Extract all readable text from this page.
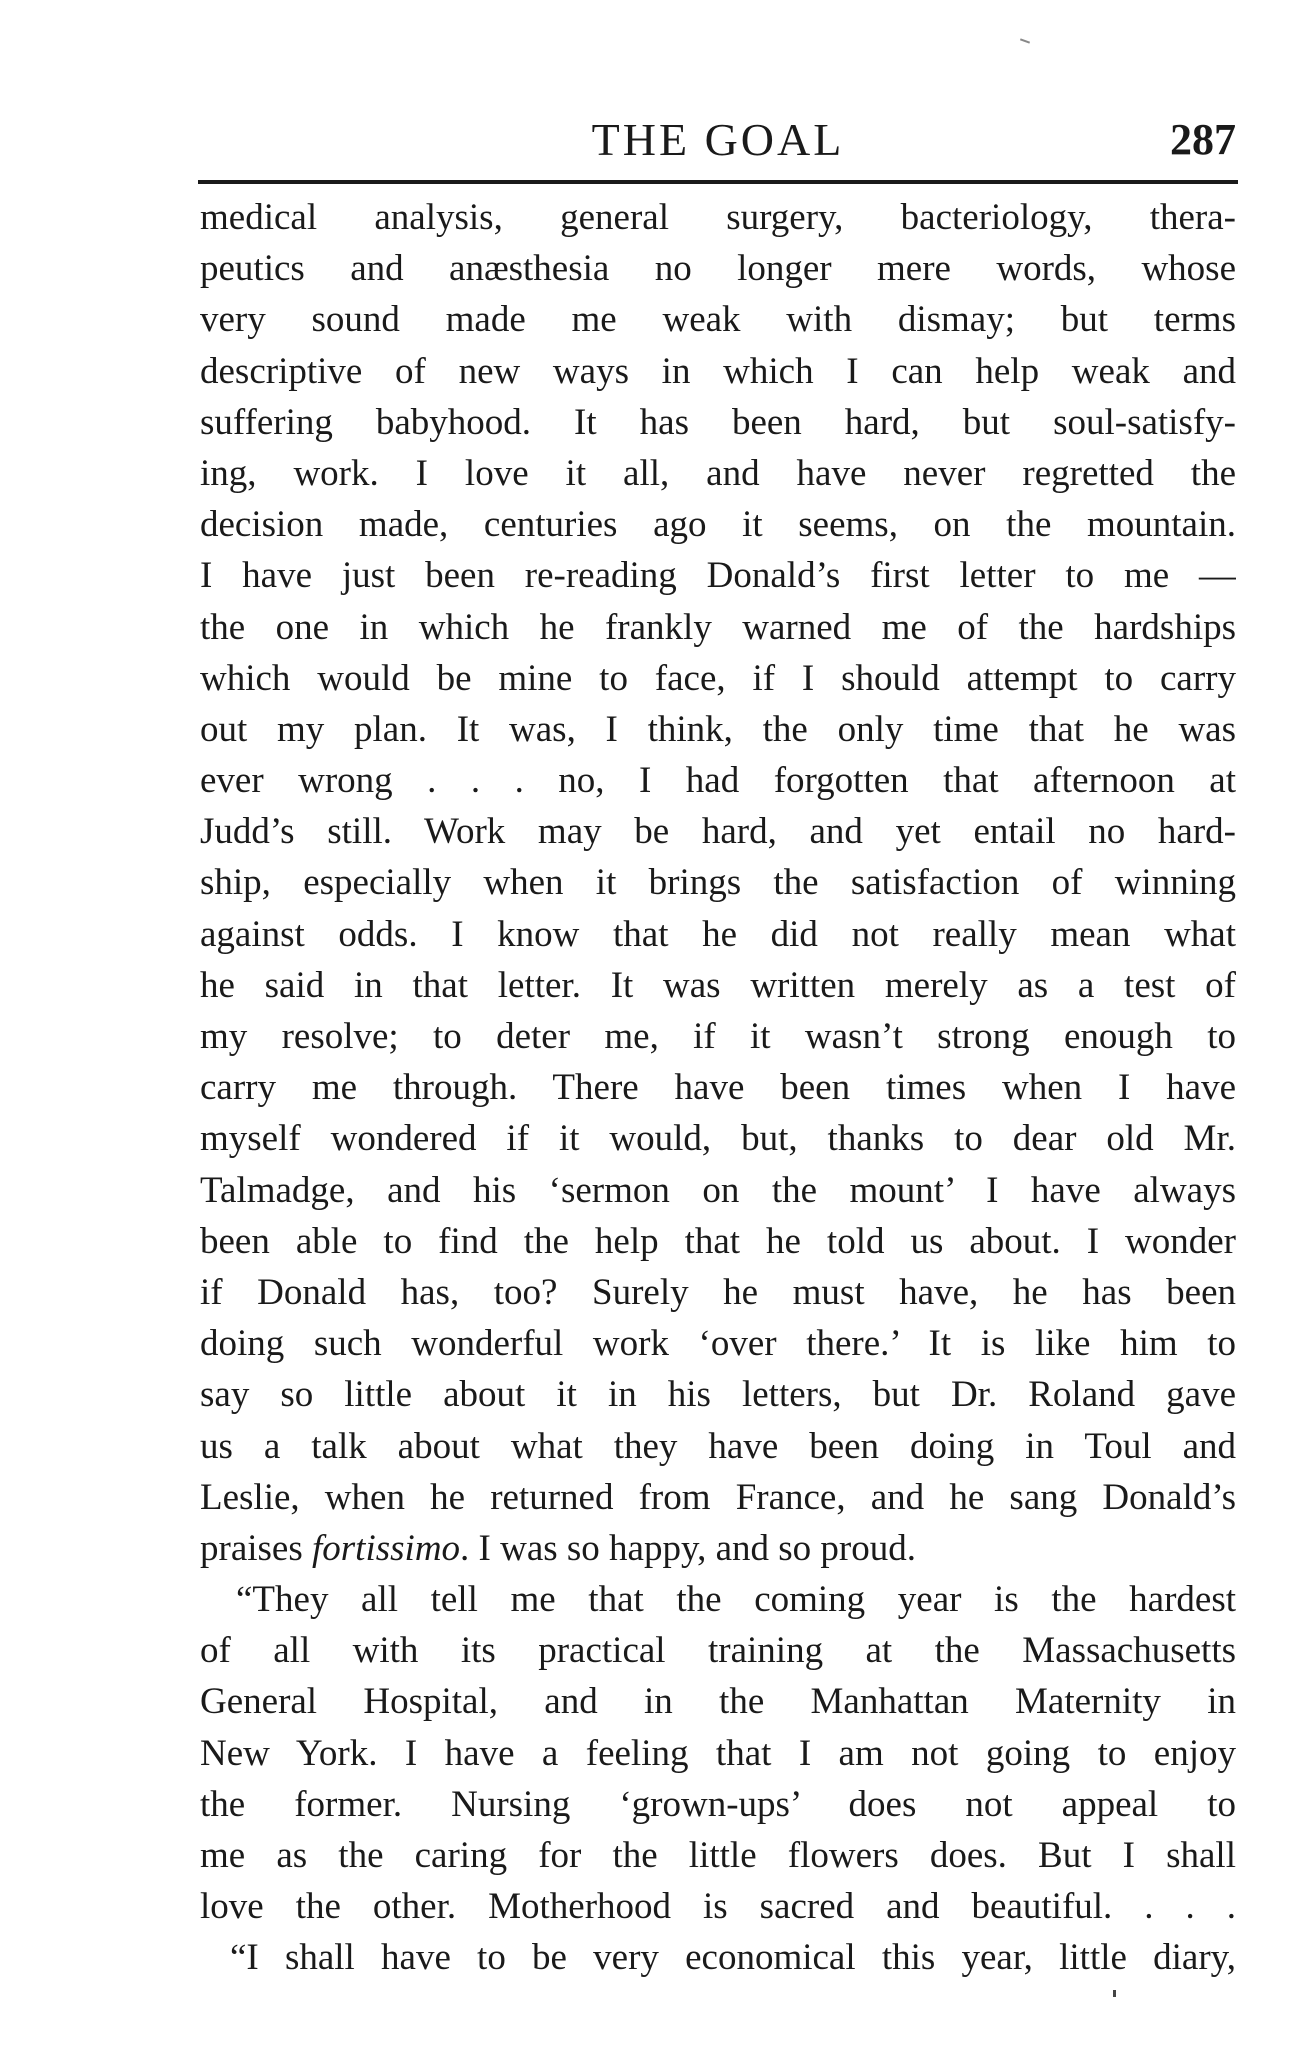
THE GOAL	287
medical analysis, general surgery, bacteriology, thera-
peutics and anæsthesia no longer mere words, whose
very sound made me weak with dismay; but terms
descriptive of new ways in which I can help weak and
suffering babyhood. It has been hard, but soul-satisfy-
ing, work. I love it all, and have never regretted the
decision made, centuries ago it seems, on the mountain.
I have just been re-reading Donald’s first letter to me —
the one in which he frankly warned me of the hardships
which would be mine to face, if I should attempt to carry
out my plan. It was, I think, the only time that he was
ever wrong . . . no, I had forgotten that afternoon at
Judd’s still. Work may be hard, and yet entail no hard-
ship, especially when it brings the satisfaction of winning
against odds. I know that he did not really mean what
he said in that letter. It was written merely as a test of
my resolve; to deter me, if it wasn’t strong enough to
carry me through. There have been times when I have
myself wondered if it would, but, thanks to dear old Mr.
Talmadge, and his ‘sermon on the mount’ I have always
been able to find the help that he told us about. I wonder
if Donald has, too? Surely he must have, he has been
doing such wonderful work ‘over there.’ It is like him to
say so little about it in his letters, but Dr. Roland gave
us a talk about what they have been doing in Toul and
Leslie, when he returned from France, and he sang Donald’s
praises fortissimo. I was so happy, and so proud.
“They all tell me that the coming year is the hardest
of all with its practical training at the Massachusetts
General Hospital, and in the Manhattan Maternity in
New York. I have a feeling that I am not going to enjoy
the former. Nursing ‘grown-ups’ does not appeal to
me as the caring for the little flowers does. But I shall
love the other. Motherhood is sacred and beautiful. . . .
“I shall have to be very economical this year, little diary,
